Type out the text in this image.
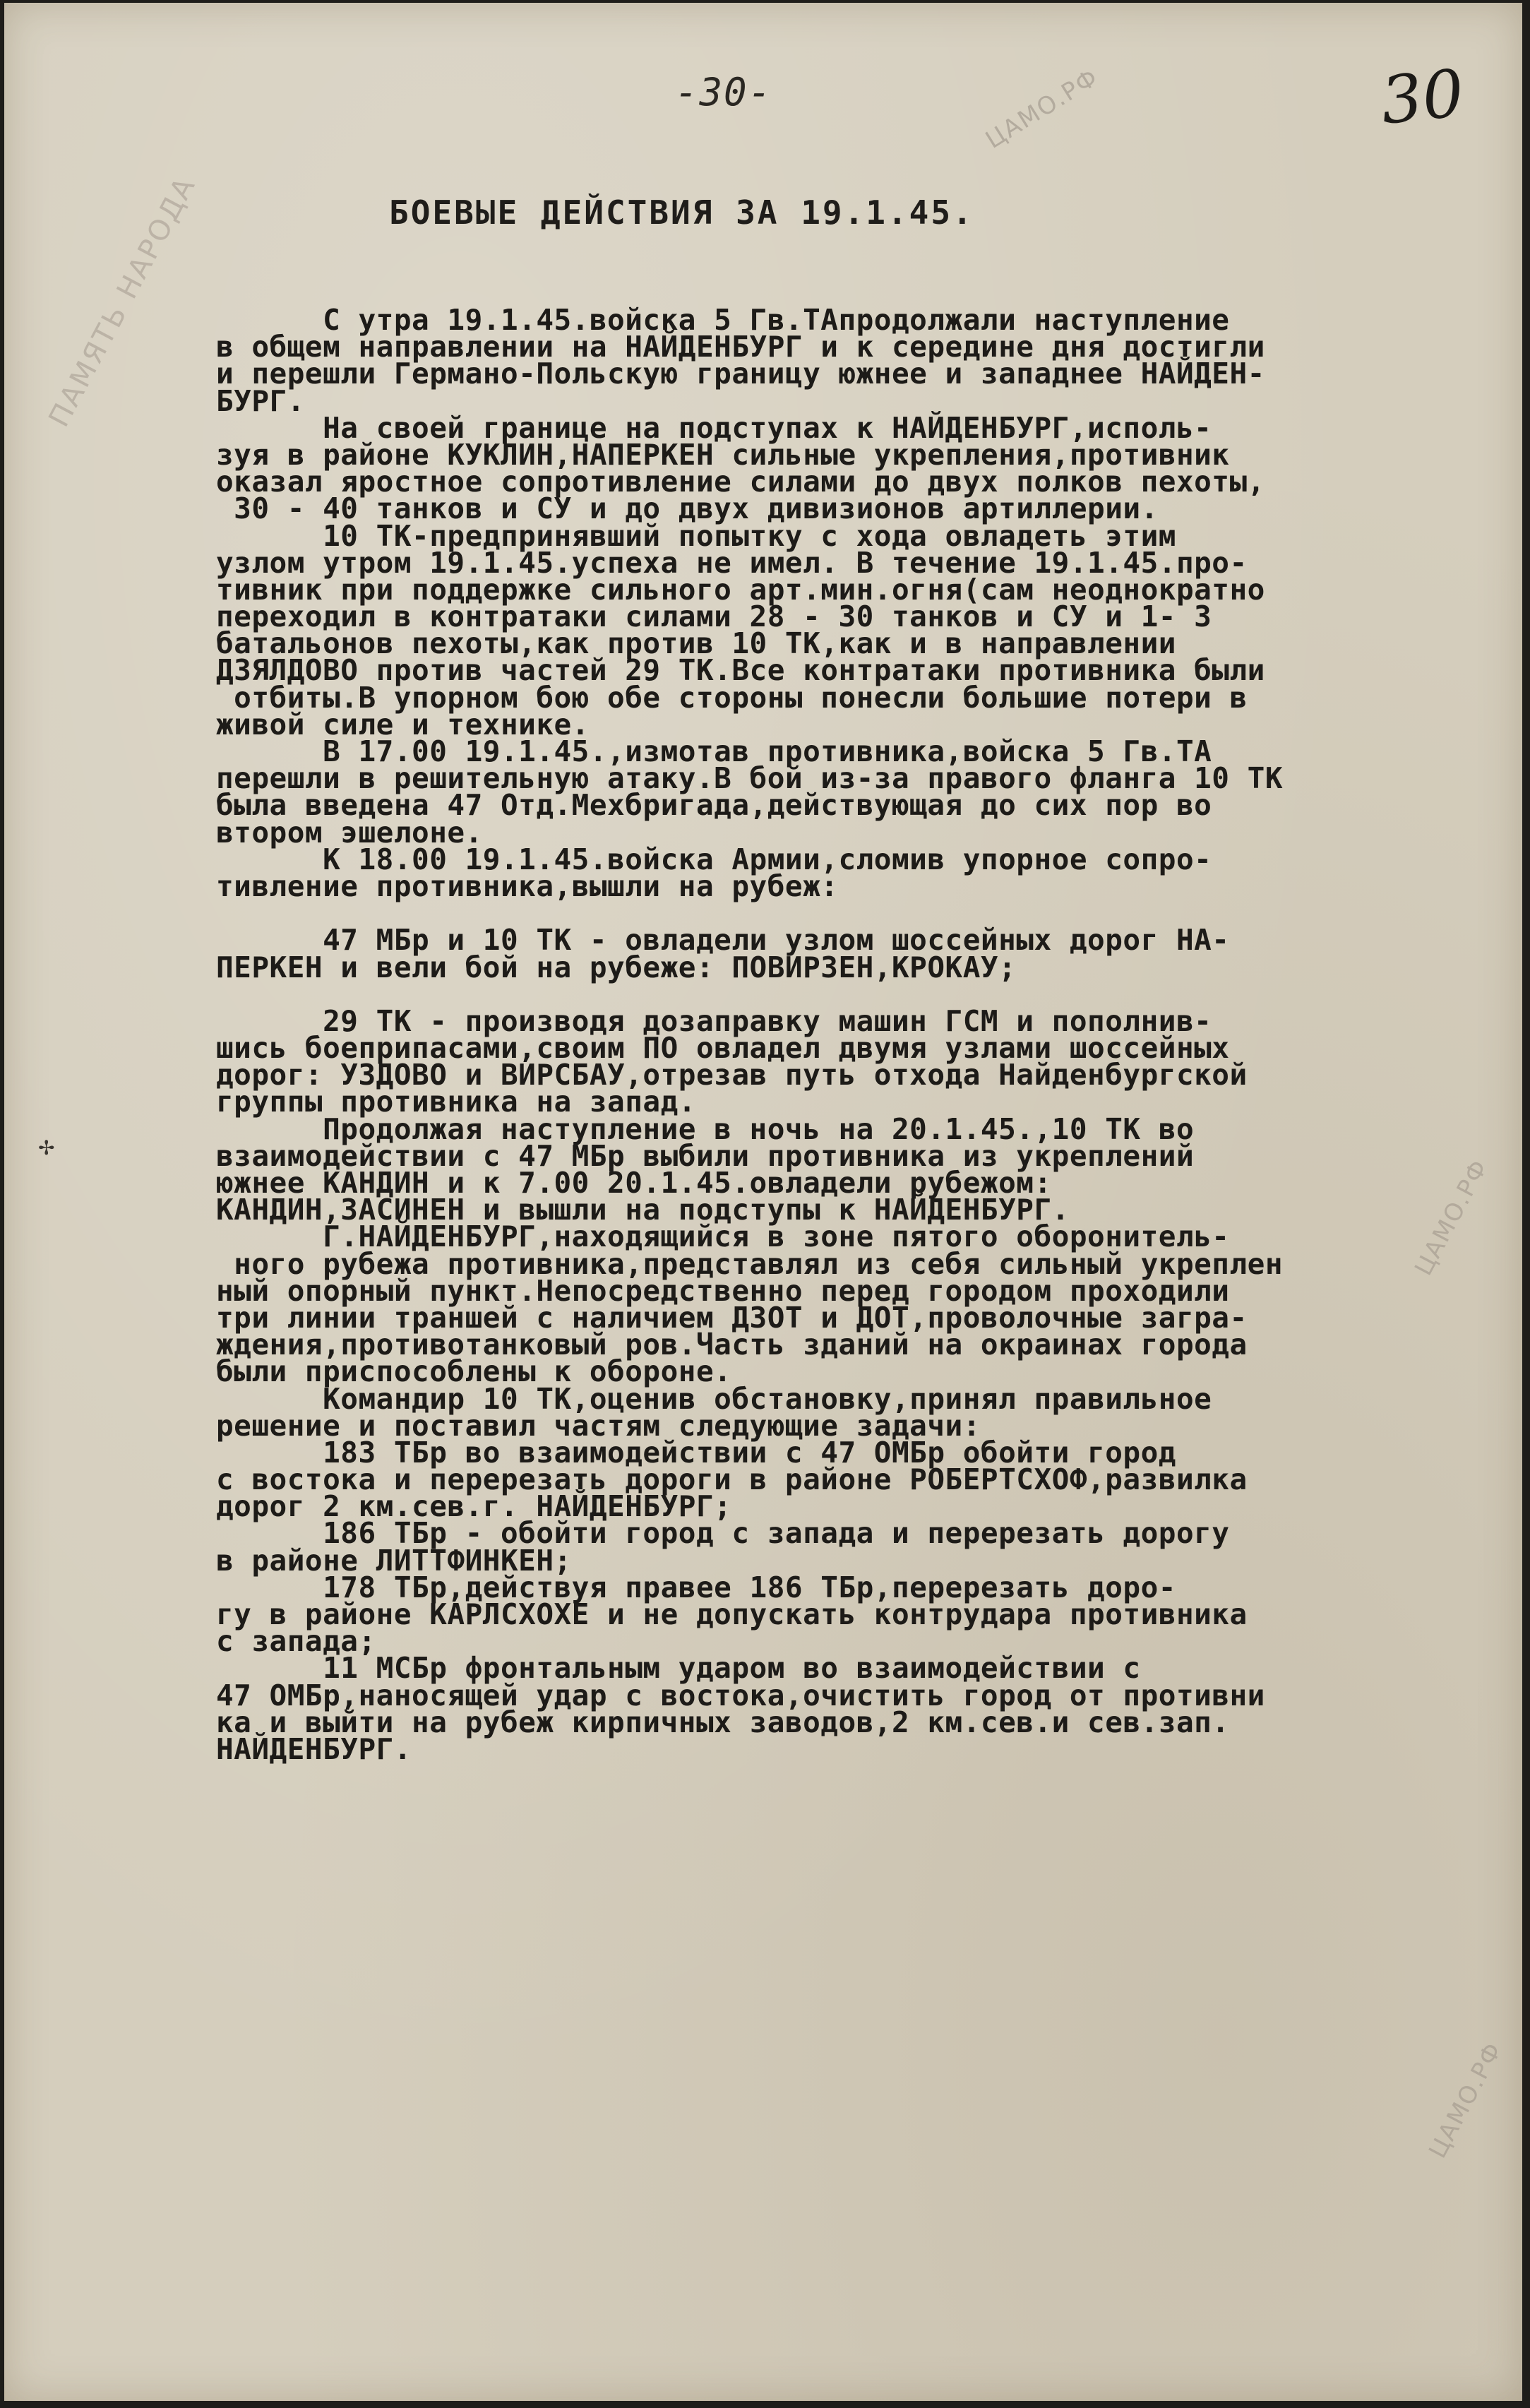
-30-	30
ЦАМО.РФ
ПАМЯТЬ НАРОДА
ЦАМО.РФ
ЦАМО.РФ
БОЕВЫЕ ДЕЙСТВИЯ ЗА 19.1.45.
С утра 19.1.45.войска 5 Гв.ТАпродолжали наступление
в общем направлении на НАЙДЕНБУРГ и к середине дня достигли
и перешли Германо-Польскую границу южнее и западнее НАЙДЕН-
БУРГ.
На своей границе на подступах к НАЙДЕНБУРГ,исполь-
зуя в районе КУКЛИН,НАПЕРКЕН сильные укрепления,противник
оказал яростное сопротивление силами до двух полков пехоты,
30 - 40 танков и СУ и до двух дивизионов артиллерии.
10 ТК-предпринявший попытку с хода овладеть этим
узлом утром 19.1.45.успеха не имел. В течение 19.1.45.про-
тивник при поддержке сильного арт.мин.огня(сам неоднократно
переходил в контратаки силами 28 - 30 танков и СУ и 1- 3
батальонов пехоты,как против 10 ТК,как и в направлении
ДЗЯЛДОВО против частей 29 ТК.Все контратаки противника были
отбиты.В упорном бою обе стороны понесли большие потери в
живой силе и технике.
В 17.00 19.1.45.,измотав противника,войска 5 Гв.ТА
перешли в решительную атаку.В бой из-за правого фланга 10 ТК
была введена 47 Отд.Мехбригада,действующая до сих пор во
втором эшелоне.
К 18.00 19.1.45.войска Армии,сломив упорное сопро-
тивление противника,вышли на рубеж:
47 МБр и 10 ТК - овладели узлом шоссейных дорог НА-
ПЕРКЕН и вели бой на рубеже: ПОВИРЗЕН,КРОКАУ;
29 ТК - производя дозаправку машин ГСМ и пополнив-
шись боеприпасами,своим ПО овладел двумя узлами шоссейных
дорог: УЗДОВО и ВИРСБАУ,отрезав путь отхода Найденбургской
группы противника на запад.
Продолжая наступление в ночь на 20.1.45.,10 ТК во
взаимодействии с 47 МБр выбили противника из укреплений
южнее КАНДИН и к 7.00 20.1.45.овладели рубежом:
КАНДИН,ЗАСИНЕН и вышли на подступы к НАЙДЕНБУРГ.
Г.НАЙДЕНБУРГ,находящийся в зоне пятого оборонитель-
ного рубежа противника,представлял из себя сильный укреплен
ный опорный пункт.Непосредственно перед городом проходили
три линии траншей с наличием ДЗОТ и ДОТ,проволочные загра-
ждения,противотанковый ров.Часть зданий на окраинах города
были приспособлены к обороне.
Командир 10 ТК,оценив обстановку,принял правильное
решение и поставил частям следующие задачи:
183 ТБр во взаимодействии с 47 ОМБр обойти город
с востока и перерезать дороги в районе РОБЕРТСХОФ,развилка
дорог 2 км.сев.г. НАЙДЕНБУРГ;
186 ТБр - обойти город с запада и перерезать дорогу
в районе ЛИТТФИНКЕН;
178 ТБр,действуя правее 186 ТБр,перерезать доро-
гу в районе КАРЛСХОХЕ и не допускать контрудара противника
с запада;
11 МСБр фронтальным ударом во взаимодействии с
47 ОМБр,наносящей удар с востока,очистить город от противни
ка и выйти на рубеж кирпичных заводов,2 км.сев.и сев.зап.
НАЙДЕНБУРГ.
✢
